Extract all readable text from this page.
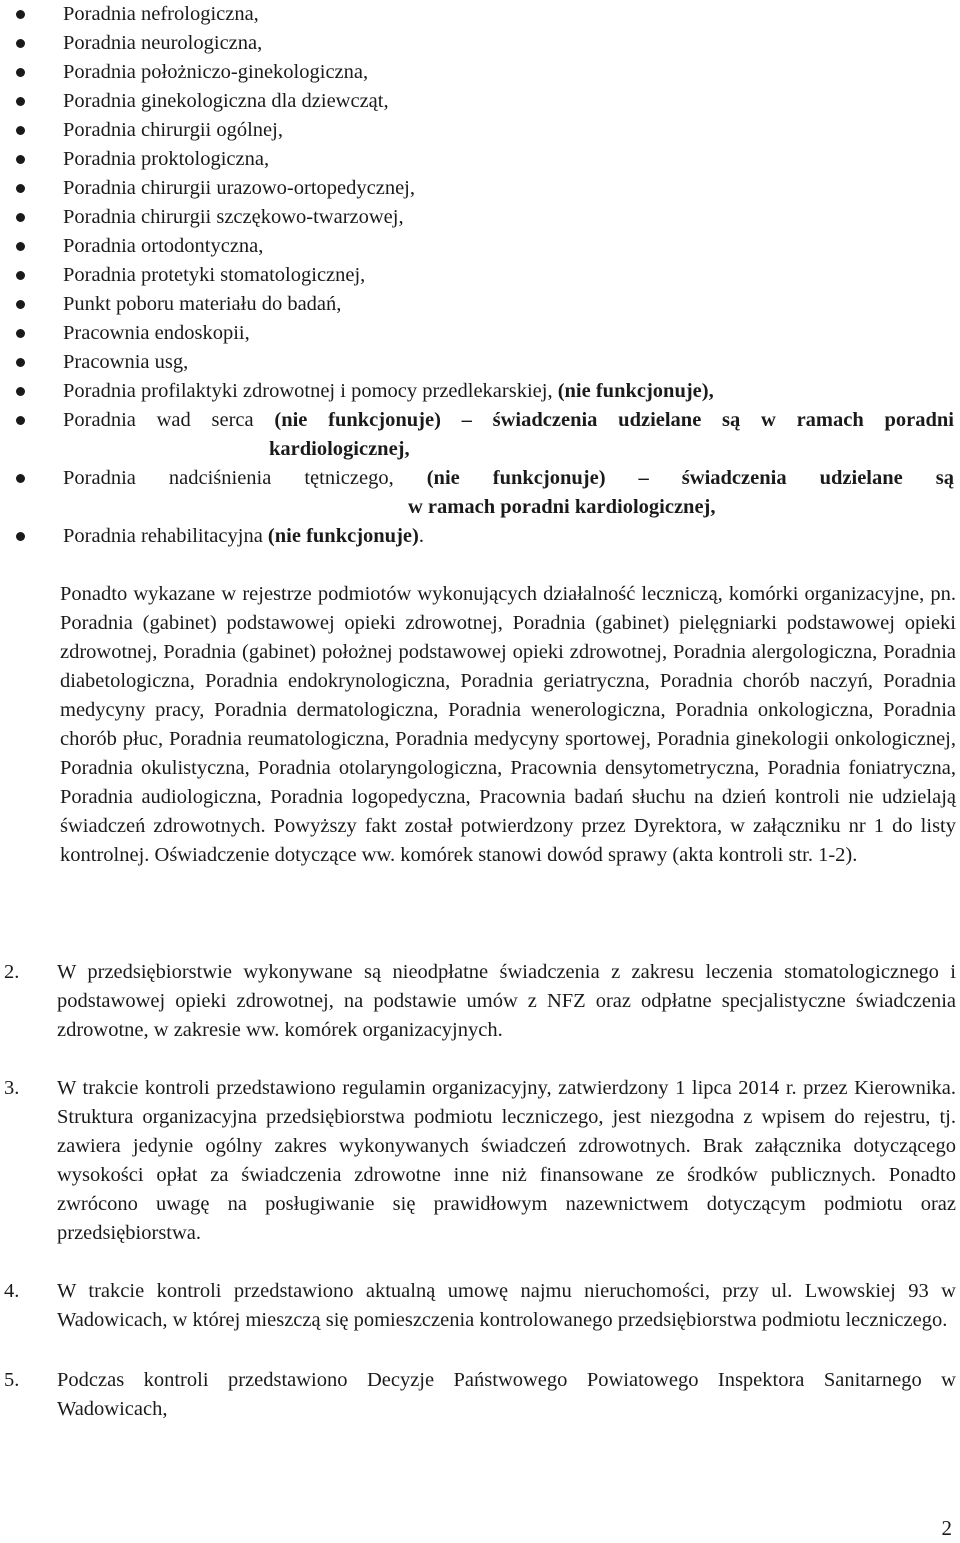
Poradnia nefrologiczna,
Poradnia neurologiczna,
Poradnia położniczo-ginekologiczna,
Poradnia ginekologiczna dla dziewcząt,
Poradnia chirurgii ogólnej,
Poradnia proktologiczna,
Poradnia chirurgii urazowo-ortopedycznej,
Poradnia chirurgii szczękowo-twarzowej,
Poradnia ortodontyczna,
Poradnia protetyki stomatologicznej,
Punkt poboru materiału do badań,
Pracownia endoskopii,
Pracownia usg,
Poradnia profilaktyki zdrowotnej i pomocy przedlekarskiej, (nie funkcjonuje),
Poradnia wad serca (nie funkcjonuje) – świadczenia udzielane są w ramach poradni
kardiologicznej,
Poradnia nadciśnienia tętniczego, (nie funkcjonuje) – świadczenia udzielane są
w ramach poradni kardiologicznej,
Poradnia rehabilitacyjna (nie funkcjonuje).
Ponadto wykazane w rejestrze podmiotów wykonujących działalność leczniczą, komórki organizacyjne, pn. Poradnia (gabinet) podstawowej opieki zdrowotnej, Poradnia (gabinet) pielęgniarki podstawowej opieki zdrowotnej, Poradnia (gabinet) położnej podstawowej opieki zdrowotnej, Poradnia alergologiczna, Poradnia diabetologiczna, Poradnia endokrynologiczna, Poradnia geriatryczna, Poradnia chorób naczyń, Poradnia medycyny pracy, Poradnia dermatologiczna, Poradnia wenerologiczna, Poradnia onkologiczna, Poradnia chorób płuc, Poradnia reumatologiczna, Poradnia medycyny sportowej, Poradnia ginekologii onkologicznej, Poradnia okulistyczna, Poradnia otolaryngologiczna, Pracownia densytometryczna, Poradnia foniatryczna, Poradnia audiologiczna, Poradnia logopedyczna, Pracownia badań słuchu na dzień kontroli nie udzielają świadczeń zdrowotnych. Powyższy fakt został potwierdzony przez Dyrektora, w załączniku nr 1 do listy kontrolnej. Oświadczenie dotyczące ww. komórek stanowi dowód sprawy (akta kontroli str. 1-2).
2. W przedsiębiorstwie wykonywane są nieodpłatne świadczenia z zakresu leczenia stomatologicznego i podstawowej opieki zdrowotnej, na podstawie umów z NFZ oraz odpłatne specjalistyczne świadczenia zdrowotne, w zakresie ww. komórek organizacyjnych.
3. W trakcie kontroli przedstawiono regulamin organizacyjny, zatwierdzony 1 lipca 2014 r. przez Kierownika. Struktura organizacyjna przedsiębiorstwa podmiotu leczniczego, jest niezgodna z wpisem do rejestru, tj. zawiera jedynie ogólny zakres wykonywanych świadczeń zdrowotnych. Brak załącznika dotyczącego wysokości opłat za świadczenia zdrowotne inne niż finansowane ze środków publicznych. Ponadto zwrócono uwagę na posługiwanie się prawidłowym nazewnictwem dotyczącym podmiotu oraz przedsiębiorstwa.
4. W trakcie kontroli przedstawiono aktualną umowę najmu nieruchomości, przy ul. Lwowskiej 93 w Wadowicach, w której mieszczą się pomieszczenia kontrolowanego przedsiębiorstwa podmiotu leczniczego.
5. Podczas kontroli przedstawiono Decyzje Państwowego Powiatowego Inspektora Sanitarnego w Wadowicach,
2
